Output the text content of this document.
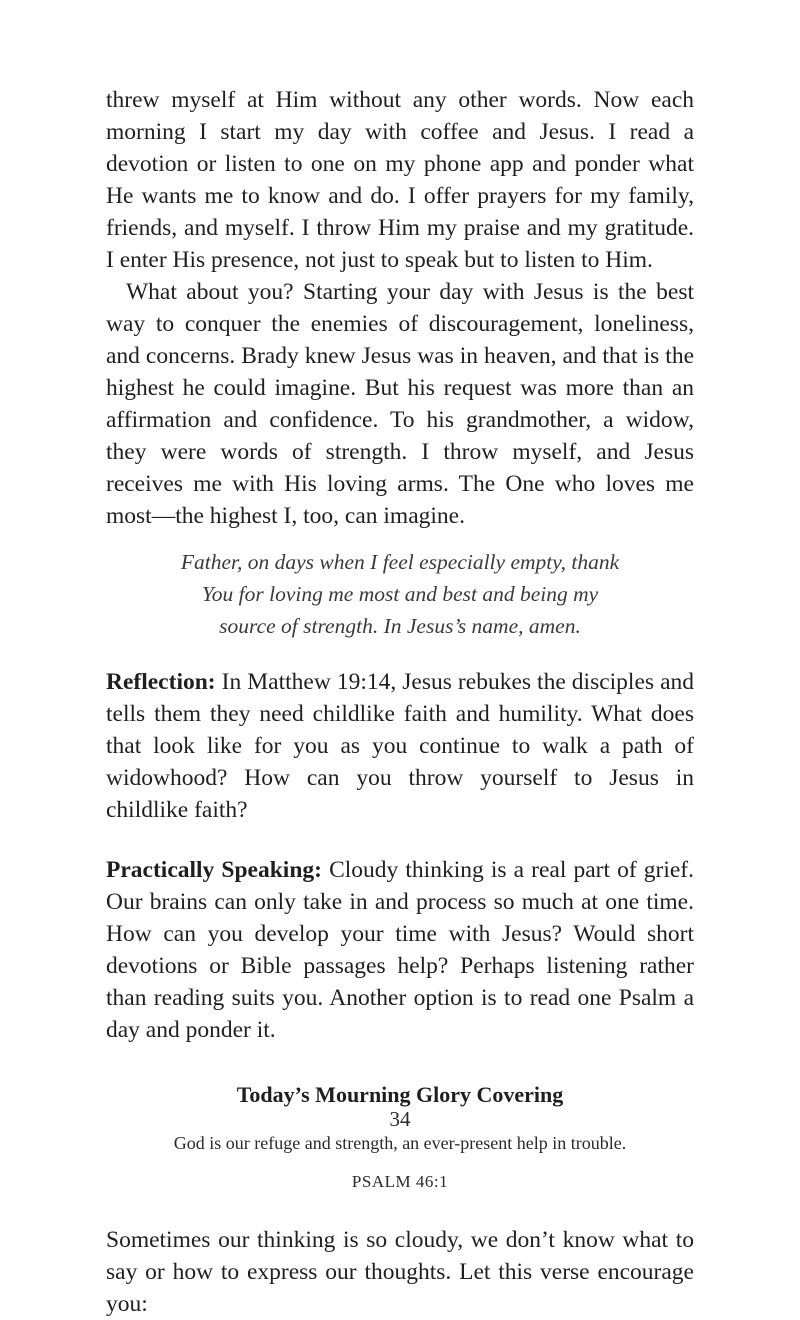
threw myself at Him without any other words. Now each morning I start my day with coffee and Jesus. I read a devotion or listen to one on my phone app and ponder what He wants me to know and do. I offer prayers for my family, friends, and myself. I throw Him my praise and my gratitude. I enter His presence, not just to speak but to listen to Him.

What about you? Starting your day with Jesus is the best way to conquer the enemies of discouragement, loneliness, and concerns. Brady knew Jesus was in heaven, and that is the highest he could imagine. But his request was more than an affirmation and confidence. To his grandmother, a widow, they were words of strength. I throw myself, and Jesus receives me with His loving arms. The One who loves me most—the highest I, too, can imagine.

Father, on days when I feel especially empty, thank
You for loving me most and best and being my
source of strength. In Jesus’s name, amen.

Reflection: In Matthew 19:14, Jesus rebukes the disciples and tells them they need childlike faith and humility. What does that look like for you as you continue to walk a path of widowhood? How can you throw yourself to Jesus in childlike faith?

Practically Speaking: Cloudy thinking is a real part of grief. Our brains can only take in and process so much at one time. How can you develop your time with Jesus? Would short devotions or Bible passages help? Perhaps listening rather than reading suits you. Another option is to read one Psalm a day and ponder it.

Today’s Mourning Glory Covering
God is our refuge and strength, an ever-present help in trouble.
PSALM 46:1

Sometimes our thinking is so cloudy, we don’t know what to say or how to express our thoughts. Let this verse encourage you:

34
